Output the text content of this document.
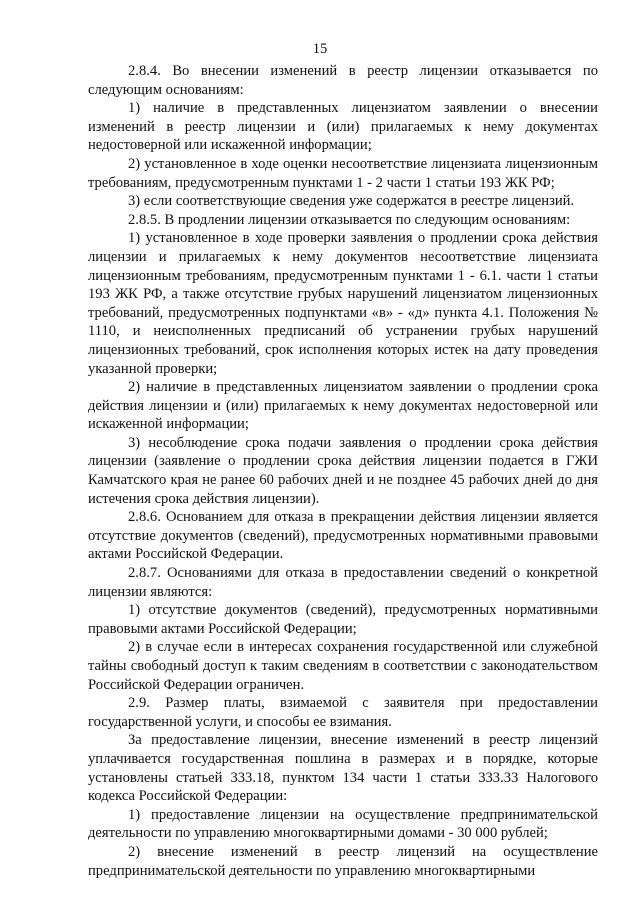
15

2.8.4. Во внесении изменений в реестр лицензии отказывается по следующим основаниям:

1) наличие в представленных лицензиатом заявлении о внесении изменений в реестр лицензии и (или) прилагаемых к нему документах недостоверной или искаженной информации;

2) установленное в ходе оценки несоответствие лицензиата лицензионным требованиям, предусмотренным пунктами 1 - 2 части 1 статьи 193 ЖК РФ;

3) если соответствующие сведения уже содержатся в реестре лицензий.

2.8.5. В продлении лицензии отказывается по следующим основаниям:

1) установленное в ходе проверки заявления о продлении срока действия лицензии и прилагаемых к нему документов несоответствие лицензиата лицензионным требованиям, предусмотренным пунктами 1 - 6.1. части 1 статьи 193 ЖК РФ, а также отсутствие грубых нарушений лицензиатом лицензионных требований, предусмотренных подпунктами «в» - «д» пункта 4.1. Положения № 1110, и неисполненных предписаний об устранении грубых нарушений лицензионных требований, срок исполнения которых истек на дату проведения указанной проверки;

2) наличие в представленных лицензиатом заявлении о продлении срока действия лицензии и (или) прилагаемых к нему документах недостоверной или искаженной информации;

3) несоблюдение срока подачи заявления о продлении срока действия лицензии (заявление о продлении срока действия лицензии подается в ГЖИ Камчатского края не ранее 60 рабочих дней и не позднее 45 рабочих дней до дня истечения срока действия лицензии).

2.8.6. Основанием для отказа в прекращении действия лицензии является отсутствие документов (сведений), предусмотренных нормативными правовыми актами Российской Федерации.

2.8.7. Основаниями для отказа в предоставлении сведений о конкретной лицензии являются:

1) отсутствие документов (сведений), предусмотренных нормативными правовыми актами Российской Федерации;

2) в случае если в интересах сохранения государственной или служебной тайны свободный доступ к таким сведениям в соответствии с законодательством Российской Федерации ограничен.

2.9. Размер платы, взимаемой с заявителя при предоставлении государственной услуги, и способы ее взимания.

За предоставление лицензии, внесение изменений в реестр лицензий уплачивается государственная пошлина в размерах и в порядке, которые установлены статьей 333.18, пунктом 134 части 1 статьи 333.33 Налогового кодекса Российской Федерации:

1) предоставление лицензии на осуществление предпринимательской деятельности по управлению многоквартирными домами - 30 000 рублей;

2) внесение изменений в реестр лицензий на осуществление предпринимательской деятельности по управлению многоквартирными
